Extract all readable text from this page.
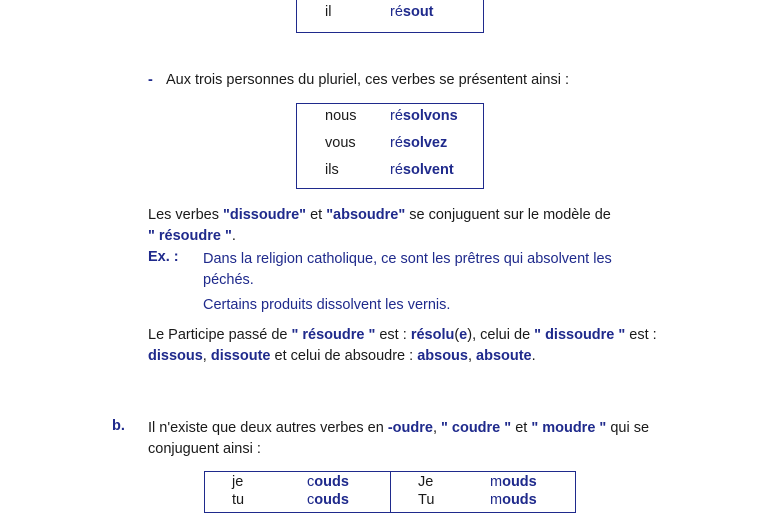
il	résout
- Aux trois personnes du pluriel, ces verbes se présentent ainsi :
nous résolvons
vous résolvez
ils	résolvent
Les verbes "dissoudre" et "absoudre" se conjuguent sur le modèle de
" résoudre ".
Ex. : Dans la religion catholique, ce sont les prêtres qui absolvent les
péchés.
Certains produits dissolvent les vernis.
Le Participe passé de " résoudre " est : résolu(e), celui de " dissoudre " est :
dissous, dissoute et celui de absoudre : absous, absoute.
b. Il n'existe que deux autres verbes en -oudre, " coudre " et " moudre " qui se
conjuguent ainsi :
je	couds	Je	mouds
tu	couds	Tu	mouds
